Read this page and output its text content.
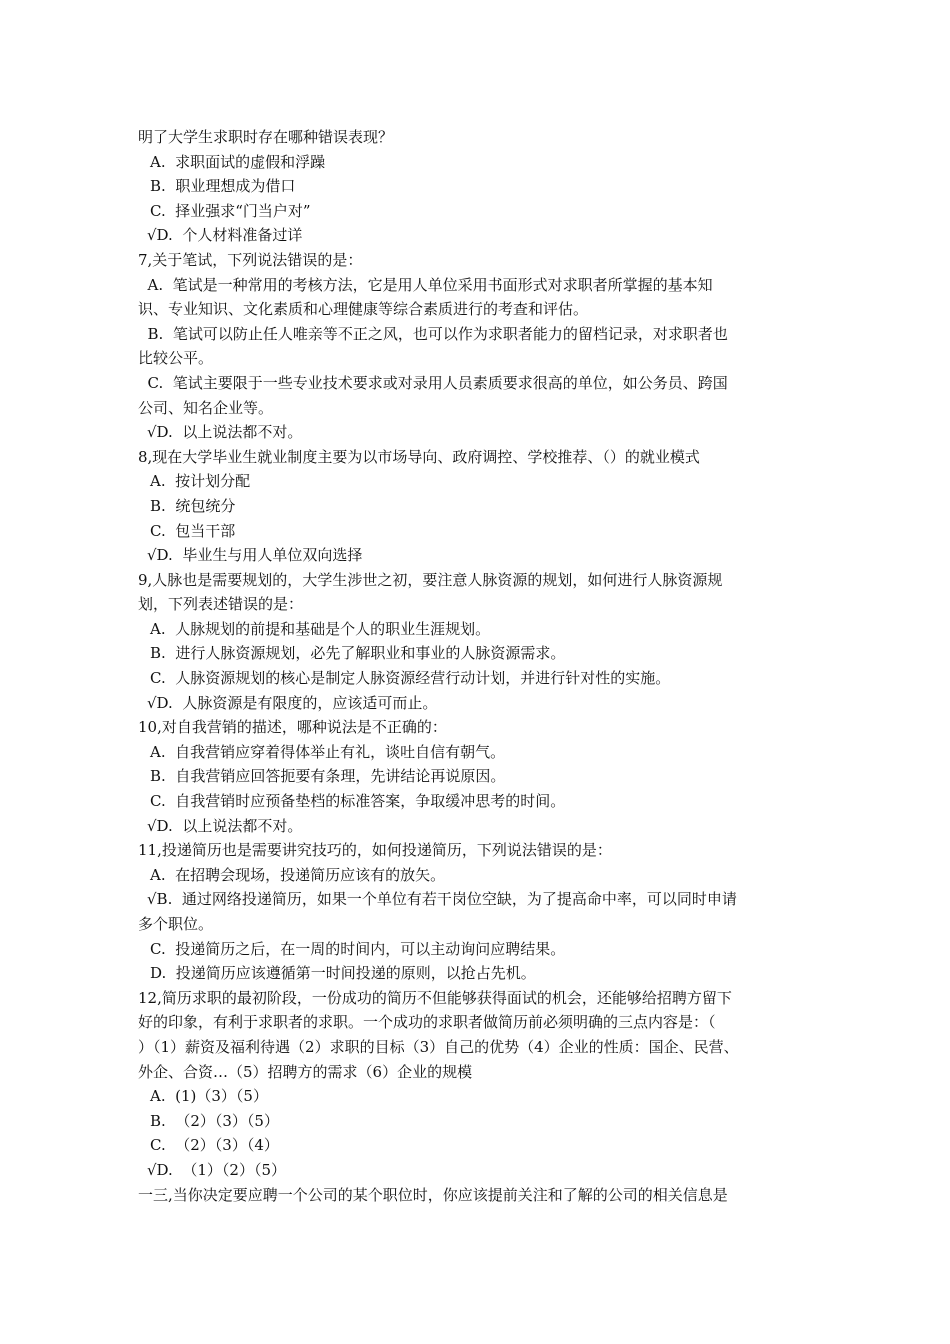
明了大学生求职时存在哪种错误表现？
A.  求职面试的虚假和浮躁
B.  职业理想成为借口
C.  择业强求“门当户对”
√D.  个人材料准备过详
7,关于笔试，下列说法错误的是：
A.  笔试是一种常用的考核方法，它是用人单位采用书面形式对求职者所掌握的基本知
识、专业知识、文化素质和心理健康等综合素质进行的考查和评估。
B.  笔试可以防止任人唯亲等不正之风，也可以作为求职者能力的留档记录，对求职者也
比较公平。
C.  笔试主要限于一些专业技术要求或对录用人员素质要求很高的单位，如公务员、跨国
公司、知名企业等。
√D.  以上说法都不对。
8,现在大学毕业生就业制度主要为以市场导向、政府调控、学校推荐、（）的就业模式
A.  按计划分配
B.  统包统分
C.  包当干部
√D.  毕业生与用人单位双向选择
9,人脉也是需要规划的，大学生涉世之初，要注意人脉资源的规划，如何进行人脉资源规
划，下列表述错误的是：
A.  人脉规划的前提和基础是个人的职业生涯规划。
B.  进行人脉资源规划，必先了解职业和事业的人脉资源需求。
C.  人脉资源规划的核心是制定人脉资源经营行动计划，并进行针对性的实施。
√D.  人脉资源是有限度的，应该适可而止。
10,对自我营销的描述，哪种说法是不正确的：
A.  自我营销应穿着得体举止有礼，谈吐自信有朝气。
B.  自我营销应回答扼要有条理，先讲结论再说原因。
C.  自我营销时应预备垫档的标准答案，争取缓冲思考的时间。
√D.  以上说法都不对。
11,投递简历也是需要讲究技巧的，如何投递简历，下列说法错误的是：
A.  在招聘会现场，投递简历应该有的放矢。
√B.  通过网络投递简历，如果一个单位有若干岗位空缺，为了提高命中率，可以同时申请
多个职位。
C.  投递简历之后，在一周的时间内，可以主动询问应聘结果。
D.  投递简历应该遵循第一时间投递的原则，以抢占先机。
12,简历求职的最初阶段，一份成功的简历不但能够获得面试的机会，还能够给招聘方留下
好的印象，有利于求职者的求职。一个成功的求职者做简历前必须明确的三点内容是：（
）（1）薪资及福利待遇（2）求职的目标（3）自己的优势（4）企业的性质：国企、民营、
外企、合资…（5）招聘方的需求（6）企业的规模
A.  (1)（3）（5）
B.  （2）（3）（5）
C.  （2）（3）（4）
√D.  （1）（2）（5）
一三,当你决定要应聘一个公司的某个职位时，你应该提前关注和了解的公司的相关信息是
